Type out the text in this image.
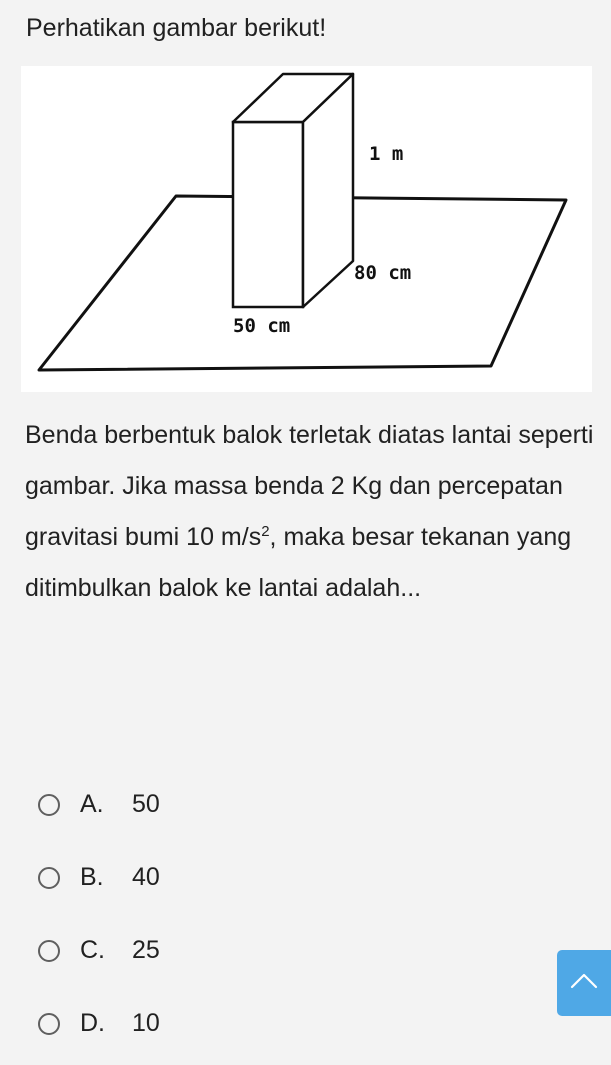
Perhatikan gambar berikut!
1 m
80 cm
50 cm
Benda berbentuk balok terletak diatas lantai seperti gambar. Jika massa benda 2 Kg dan percepatan gravitasi bumi 10 $m/s^2$, maka besar tekanan yang ditimbulkan balok ke lantai adalah...
A.	50
B.	40
C.	25
D.	10
